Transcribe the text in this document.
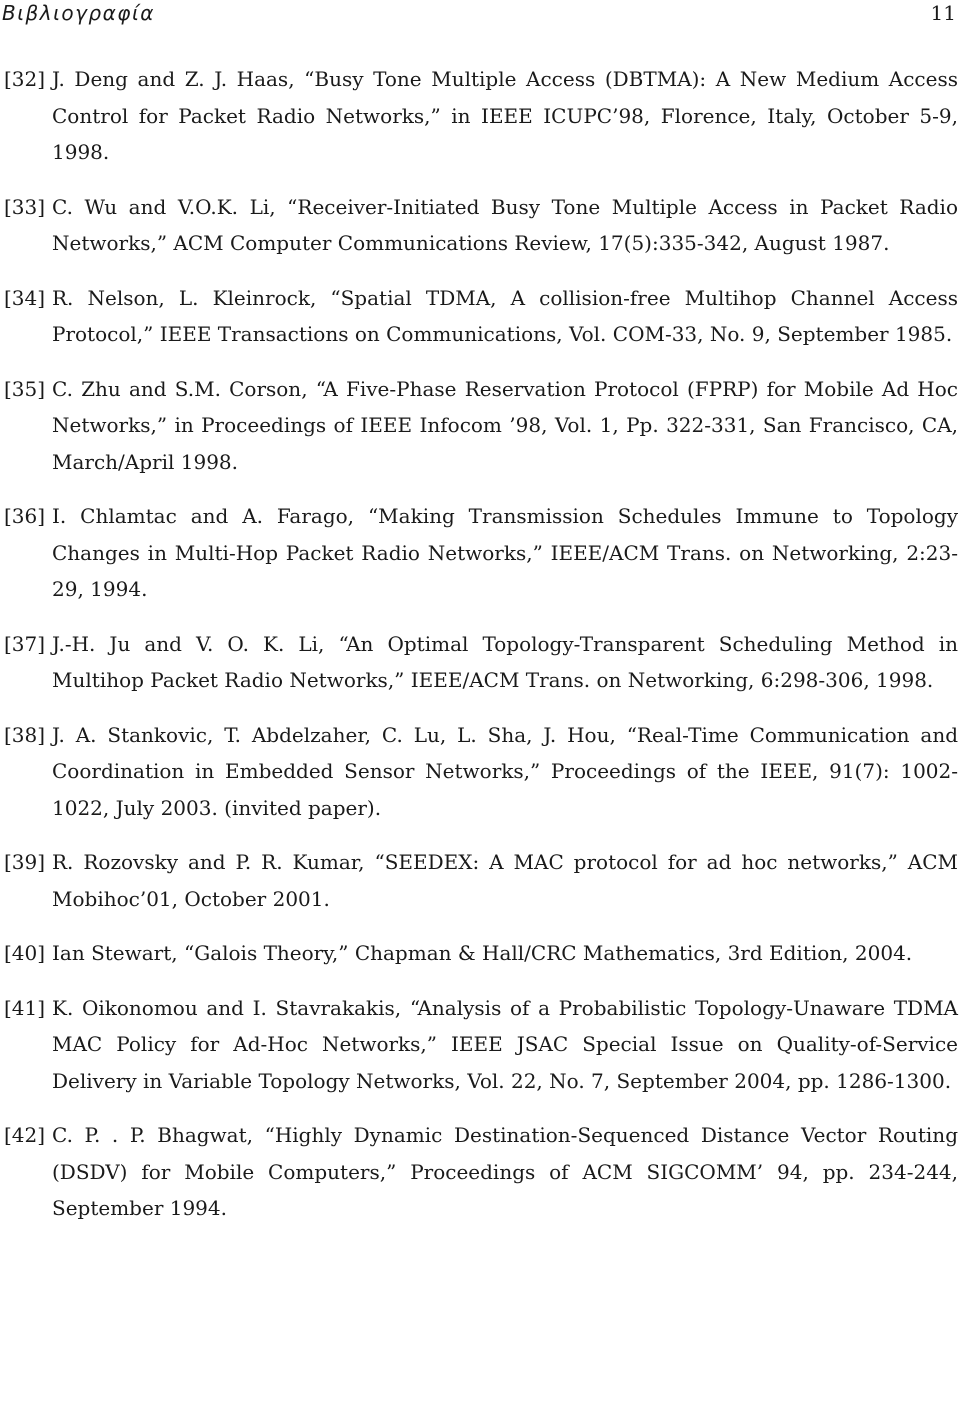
Βιβλιογραφία	11
[32] J. Deng and Z. J. Haas, “Busy Tone Multiple Access (DBTMA): A New Medium Access Control for Packet Radio Networks,” in IEEE ICUPC’98, Florence, Italy, October 5-9, 1998.
[33] C. Wu and V.O.K. Li, “Receiver-Initiated Busy Tone Multiple Access in Packet Radio Networks,” ACM Computer Communications Review, 17(5):335-342, August 1987.
[34] R. Nelson, L. Kleinrock, “Spatial TDMA, A collision-free Multihop Channel Access Protocol,” IEEE Transactions on Communications, Vol. COM-33, No. 9, September 1985.
[35] C. Zhu and S.M. Corson, “A Five-Phase Reservation Protocol (FPRP) for Mobile Ad Hoc Networks,” in Proceedings of IEEE Infocom ’98, Vol. 1, Pp. 322-331, San Francisco, CA, March/April 1998.
[36] I. Chlamtac and A. Farago, “Making Transmission Schedules Immune to Topology Changes in Multi-Hop Packet Radio Networks,” IEEE/ACM Trans. on Networking, 2:23-29, 1994.
[37] J.-H. Ju and V. O. K. Li, “An Optimal Topology-Transparent Scheduling Method in Multihop Packet Radio Networks,” IEEE/ACM Trans. on Networking, 6:298-306, 1998.
[38] J. A. Stankovic, T. Abdelzaher, C. Lu, L. Sha, J. Hou, “Real-Time Communication and Coordination in Embedded Sensor Networks,” Proceedings of the IEEE, 91(7): 1002-1022, July 2003. (invited paper).
[39] R. Rozovsky and P. R. Kumar, “SEEDEX: A MAC protocol for ad hoc networks,” ACM Mobihoc’01, October 2001.
[40] Ian Stewart, “Galois Theory,” Chapman & Hall/CRC Mathematics, 3rd Edition, 2004.
[41] K. Oikonomou and I. Stavrakakis, “Analysis of a Probabilistic Topology-Unaware TDMA MAC Policy for Ad-Hoc Networks,” IEEE JSAC Special Issue on Quality-of-Service Delivery in Variable Topology Networks, Vol. 22, No. 7, September 2004, pp. 1286-1300.
[42] C. P. . P. Bhagwat, “Highly Dynamic Destination-Sequenced Distance Vector Routing (DSDV) for Mobile Computers,” Proceedings of ACM SIGCOMM’ 94, pp. 234-244, September 1994.
